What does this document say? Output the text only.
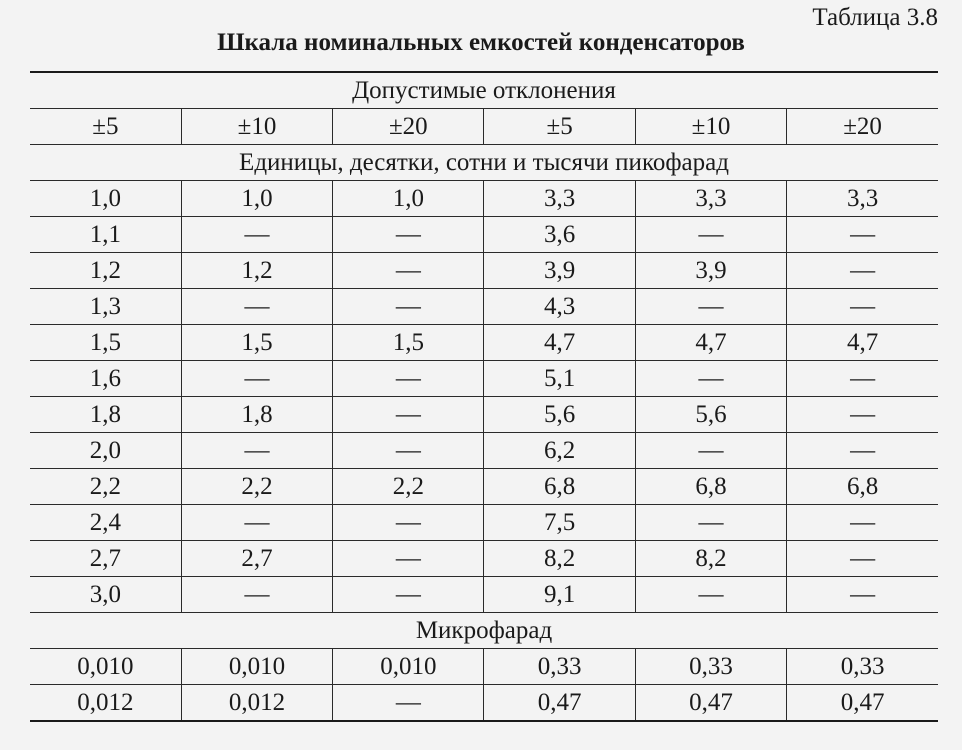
Таблица 3.8
Шкала номинальных емкостей конденсаторов
Допустимые отклонения					
±5	±10	±20	±5	±10	±20
Единицы, десятки, сотни и тысячи пикофарад					
1,0	1,0	1,0	3,3	3,3	3,3
1,1	—	—	3,6	—	—
1,2	1,2	—	3,9	3,9	—
1,3	—	—	4,3	—	—
1,5	1,5	1,5	4,7	4,7	4,7
1,6	—	—	5,1	—	—
1,8	1,8	—	5,6	5,6	—
2,0	—	—	6,2	—	—
2,2	2,2	2,2	6,8	6,8	6,8
2,4	—	—	7,5	—	—
2,7	2,7	—	8,2	8,2	—
3,0	—	—	9,1	—	—
Микрофарад					
0,010	0,010	0,010	0,33	0,33	0,33
0,012	0,012	—	0,47	0,47	0,47
